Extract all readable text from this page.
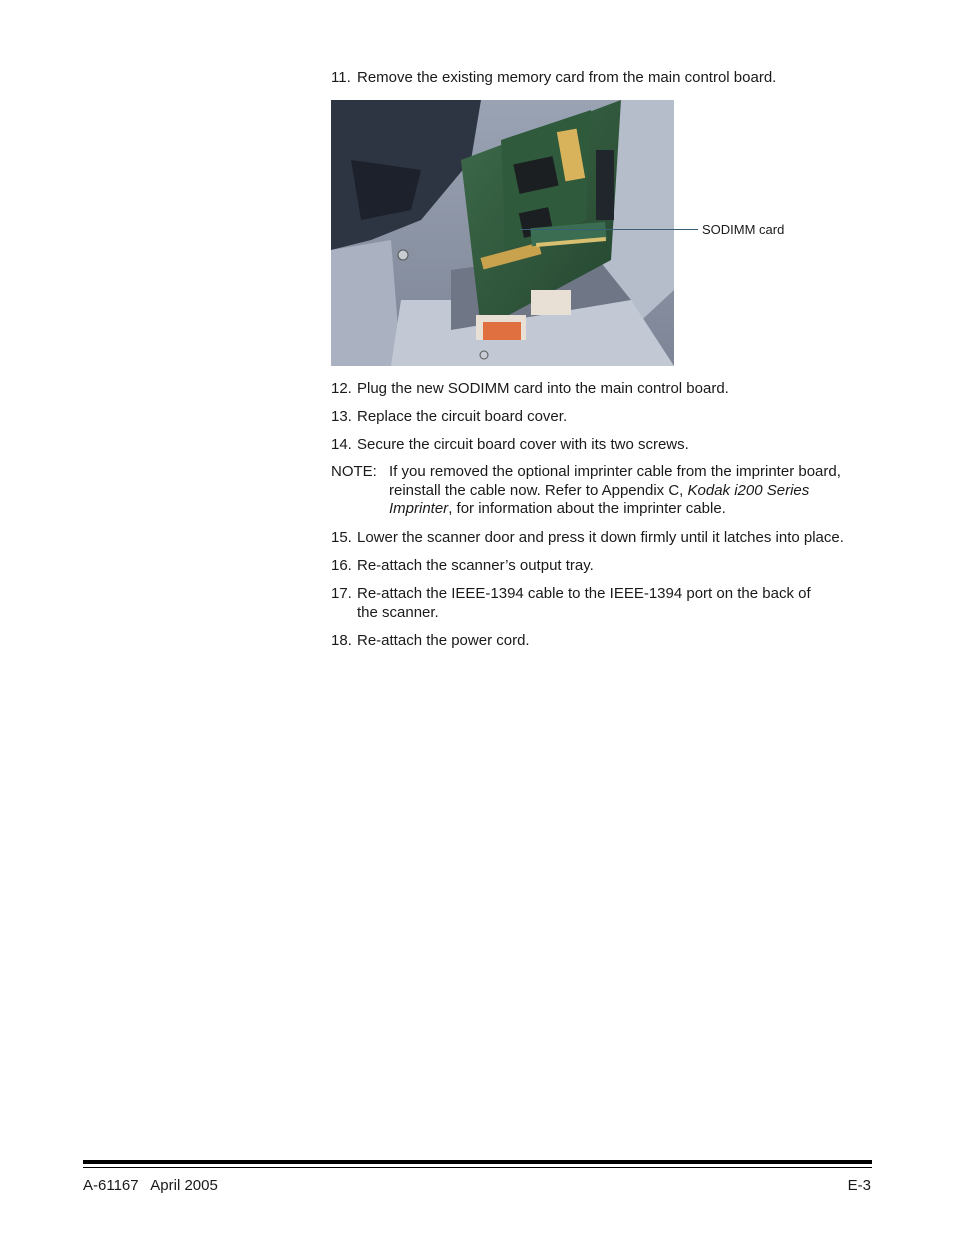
11. Remove the existing memory card from the main control board.

SODIMM card

12. Plug the new SODIMM card into the main control board.

13. Replace the circuit board cover.

14. Secure the circuit board cover with its two screws.

NOTE: If you removed the optional imprinter cable from the imprinter board,
reinstall the cable now. Refer to Appendix C, Kodak i200 Series
Imprinter, for information about the imprinter cable.

15. Lower the scanner door and press it down firmly until it latches into place.

16. Re-attach the scanner’s output tray.

17. Re-attach the IEEE-1394 cable to the IEEE-1394 port on the back of
the scanner.

18. Re-attach the power cord.

A-61167   April 2005	E-3
